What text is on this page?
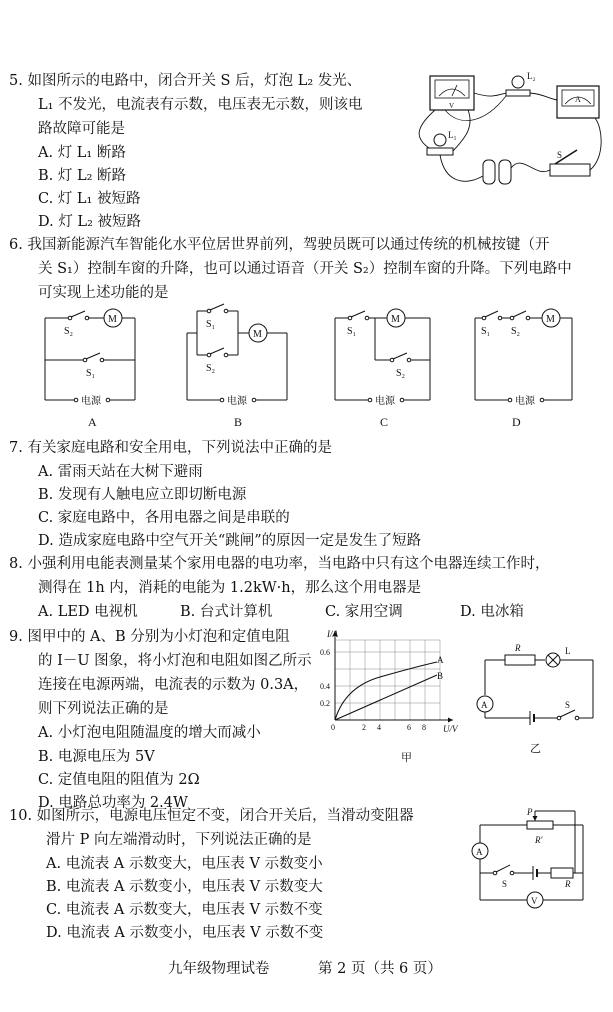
5. 如图所示的电路中，闭合开关 S 后，灯泡 L₂ 发光、
L₁ 不发光，电流表有示数，电压表无示数，则该电
路故障可能是
A. 灯 L₁ 断路
B. 灯 L₂ 断路
C. 灯 L₁ 被短路
D. 灯 L₂ 被短路
V
L₂
A
L₁
S
6. 我国新能源汽车智能化水平位居世界前列，驾驶员既可以通过传统的机械按键（开
关 S₁）控制车窗的升降，也可以通过语音（开关 S₂）控制车窗的升降。下列电路中
可实现上述功能的是
M
S₂
S₁
电源
A
S₁
S₂
M
电源
B
S₁
M
S₂
电源
C
S₁ S₂
M
电源
D
7. 有关家庭电路和安全用电，下列说法中正确的是
A. 雷雨天站在大树下避雨
B. 发现有人触电应立即切断电源
C. 家庭电路中，各用电器之间是串联的
D. 造成家庭电路中空气开关“跳闸”的原因一定是发生了短路
8. 小强利用电能表测量某个家用电器的电功率，当电路中只有这个电器连续工作时，
测得在 1h 内，消耗的电能为 1.2kW·h，那么这个用电器是
A. LED 电视机	B. 台式计算机	C. 家用空调	D. 电冰箱
9. 图甲中的 A、B 分别为小灯泡和定值电阻
的 I－U 图象，将小灯泡和电阻如图乙所示
连接在电源两端，电流表的示数为 0.3A，
则下列说法正确的是
A. 小灯泡电阻随温度的增大而减小
B. 电源电压为 5V
C. 定值电阻的阻值为 2Ω
D. 电路总功率为 2.4W
A
B
I/A
0.6
0.4
0.2
0	2 4	6 8 U/V
甲
R	L
A	S
乙
10. 如图所示，电源电压恒定不变，闭合开关后，当滑动变阻器
滑片 P 向左端滑动时，下列说法正确的是
A. 电流表 A 示数变大，电压表 V 示数变小
B. 电流表 A 示数变小，电压表 V 示数变大
C. 电流表 A 示数变大，电压表 V 示数不变
D. 电流表 A 示数变小，电压表 V 示数不变
P
R'
A
S	R
V
九年级物理试卷	第 2 页（共 6 页）
